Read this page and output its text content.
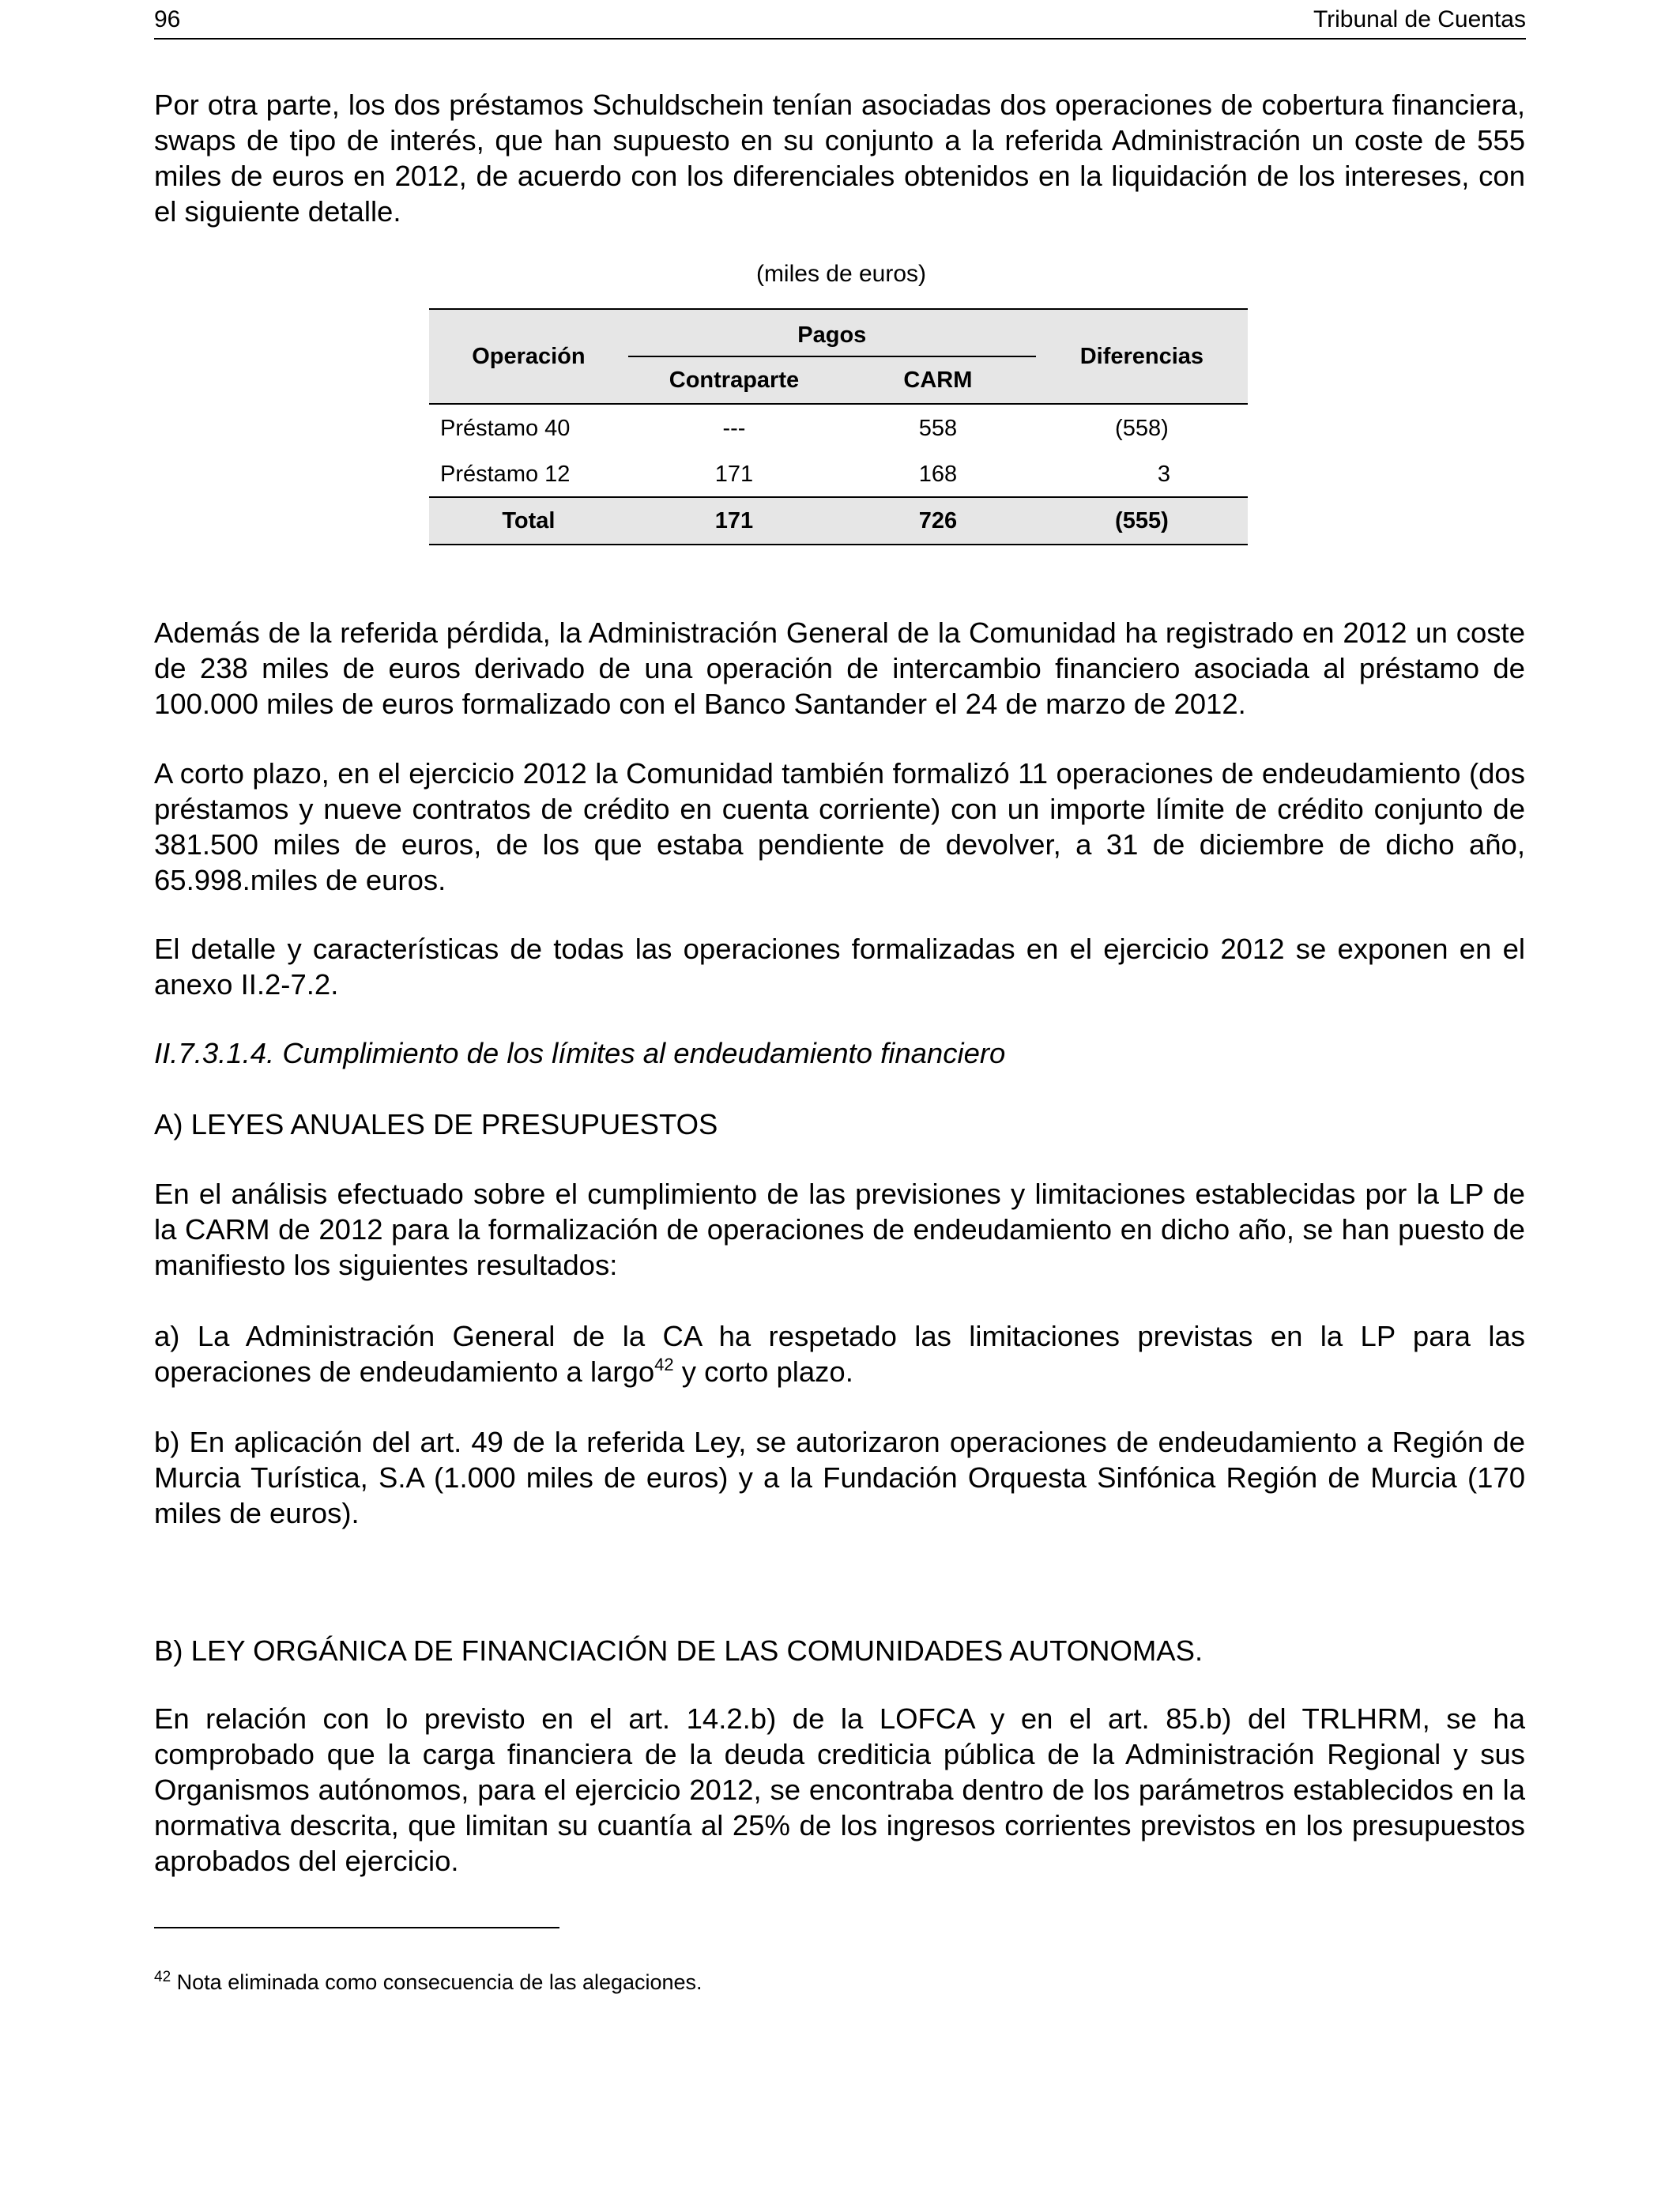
96	Tribunal de Cuentas

Por otra parte, los dos préstamos Schuldschein tenían asociadas dos operaciones de cobertura financiera, swaps de tipo de interés, que han supuesto en su conjunto a la referida Administración un coste de 555 miles de euros en 2012, de acuerdo con los diferenciales obtenidos en la liquidación de los intereses, con el siguiente detalle.

(miles de euros)
Operación	Pagos		Diferencias
	Contraparte	CARM	
Préstamo 40	---	558	(558)
Préstamo 12	171	168	3
Total	171	726	(555)

Además de la referida pérdida, la Administración General de la Comunidad ha registrado en 2012 un coste de 238 miles de euros derivado de una operación de intercambio financiero asociada al préstamo de 100.000 miles de euros formalizado con el Banco Santander el 24 de marzo de 2012.

A corto plazo, en el ejercicio 2012 la Comunidad también formalizó 11 operaciones de endeudamiento (dos préstamos y nueve contratos de crédito en cuenta corriente) con un importe límite de crédito conjunto de 381.500 miles de euros, de los que estaba pendiente de devolver, a 31 de diciembre de dicho año, 65.998.miles de euros.

El detalle y características de todas las operaciones formalizadas en el ejercicio 2012 se exponen en el anexo II.2-7.2.

II.7.3.1.4. Cumplimiento de los límites al endeudamiento financiero

A) LEYES ANUALES DE PRESUPUESTOS

En el análisis efectuado sobre el cumplimiento de las previsiones y limitaciones establecidas por la LP de la CARM de 2012 para la formalización de operaciones de endeudamiento en dicho año, se han puesto de manifiesto los siguientes resultados:

a) La Administración General de la CA ha respetado las limitaciones previstas en la LP para las operaciones de endeudamiento a largo$^{42}$ y corto plazo.

b) En aplicación del art. 49 de la referida Ley, se autorizaron operaciones de endeudamiento a Región de Murcia Turística, S.A (1.000 miles de euros) y a la Fundación Orquesta Sinfónica Región de Murcia (170 miles de euros).

B) LEY ORGÁNICA DE FINANCIACIÓN DE LAS COMUNIDADES AUTONOMAS.

En relación con lo previsto en el art. 14.2.b) de la LOFCA y en el art. 85.b) del TRLHRM, se ha comprobado que la carga financiera de la deuda crediticia pública de la Administración Regional y sus Organismos autónomos, para el ejercicio 2012, se encontraba dentro de los parámetros establecidos en la normativa descrita, que limitan su cuantía al 25% de los ingresos corrientes previstos en los presupuestos aprobados del ejercicio.

$^{42}$ Nota eliminada como consecuencia de las alegaciones.
